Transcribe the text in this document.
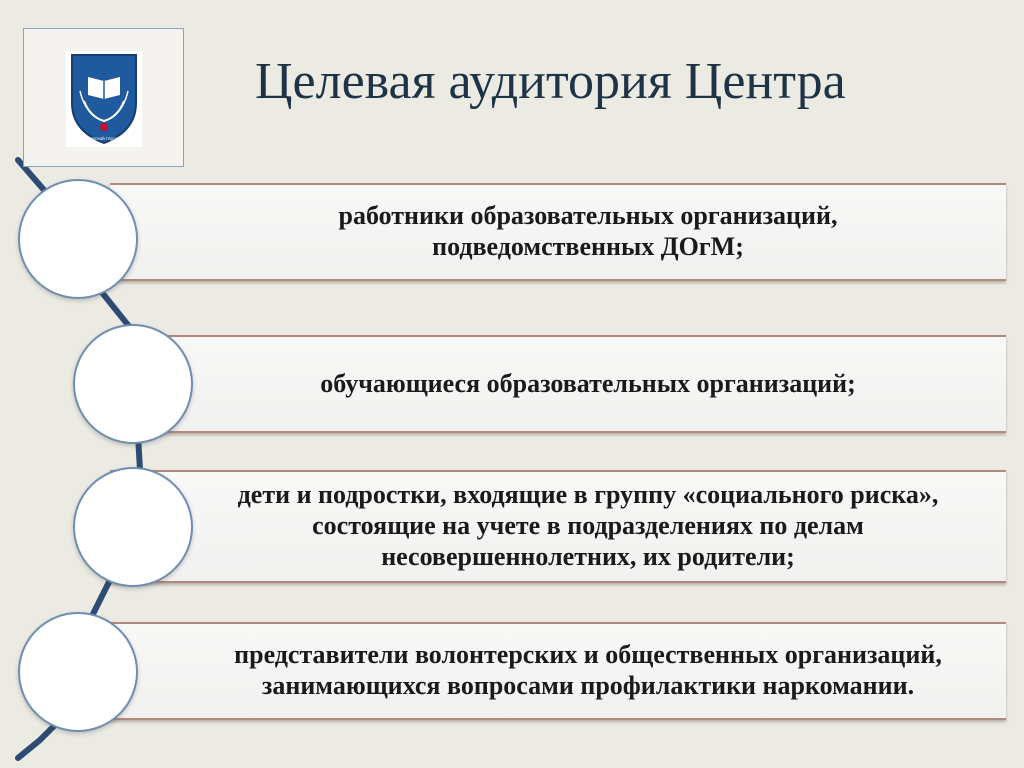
московский городской
Целевая аудитория Центра
работники образовательных организаций, подведомственных ДОгМ;
обучающиеся образовательных организаций;
дети и подростки, входящие в группу «социального риска», состоящие на учете в подразделениях по делам несовершеннолетних, их родители;
представители волонтерских и общественных организаций, занимающихся вопросами профилактики наркомании.
